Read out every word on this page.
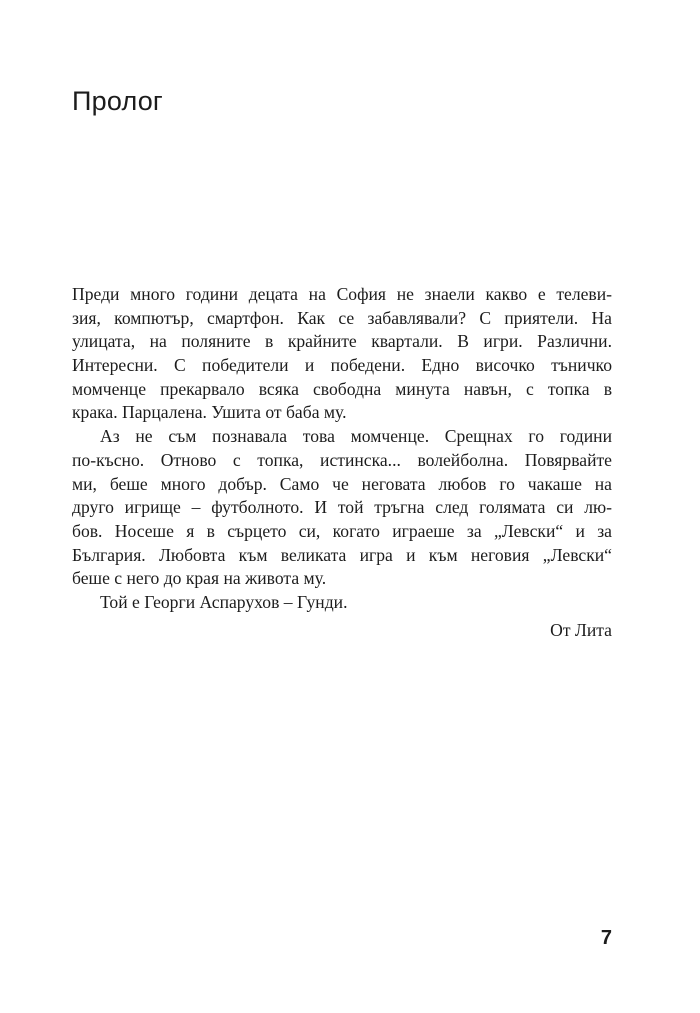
Пролог
Преди много години децата на София не знаели какво е телеви-
зия, компютър, смартфон. Как се забавлявали? С приятели. На
улицата, на поляните в крайните квартали. В игри. Различни.
Интересни. С победители и победени. Едно височко тъничко
момченце прекарвало всяка свободна минута навън, с топка в
крака. Парцалена. Ушита от баба му.
Аз не съм познавала това момченце. Срещнах го години
по-късно. Отново с топка, истинска... волейболна. Повярвайте
ми, беше много добър. Само че неговата любов го чакаше на
друго игрище – футболното. И той тръгна след голямата си лю-
бов. Носеше я в сърцето си, когато играеше за „Левски“ и за
България. Любовта към великата игра и към неговия „Левски“
беше с него до края на живота му.
Той е Георги Аспарухов – Гунди.
От Лита
7
